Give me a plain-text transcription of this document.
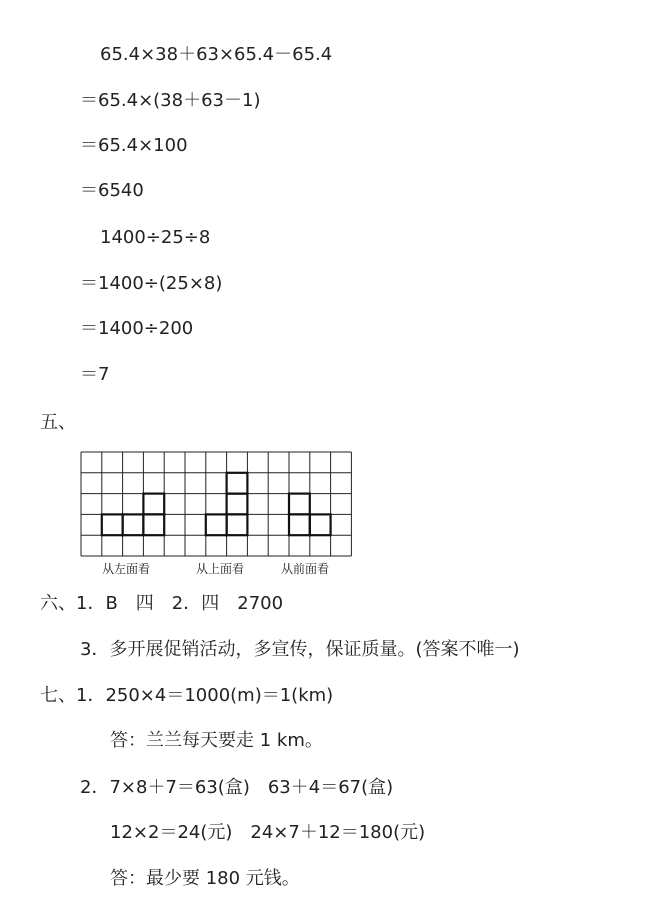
65.4×38＋63×65.4－65.4
＝65.4×(38＋63－1)
＝65.4×100
＝6540
1400÷25÷8
＝1400÷(25×8)
＝1400÷200
＝7
五、
六、1．B　四　2．四　2700
3．多开展促销活动，多宣传，保证质量。(答案不唯一)
七、1．250×4＝1000(m)＝1(km)
答：兰兰每天要走 1 km。
2．7×8＋7＝63(盒)　63＋4＝67(盒)
12×2＝24(元)　24×7＋12＝180(元)
答：最少要 180 元钱。
从左面看	从上面看	从前面看
